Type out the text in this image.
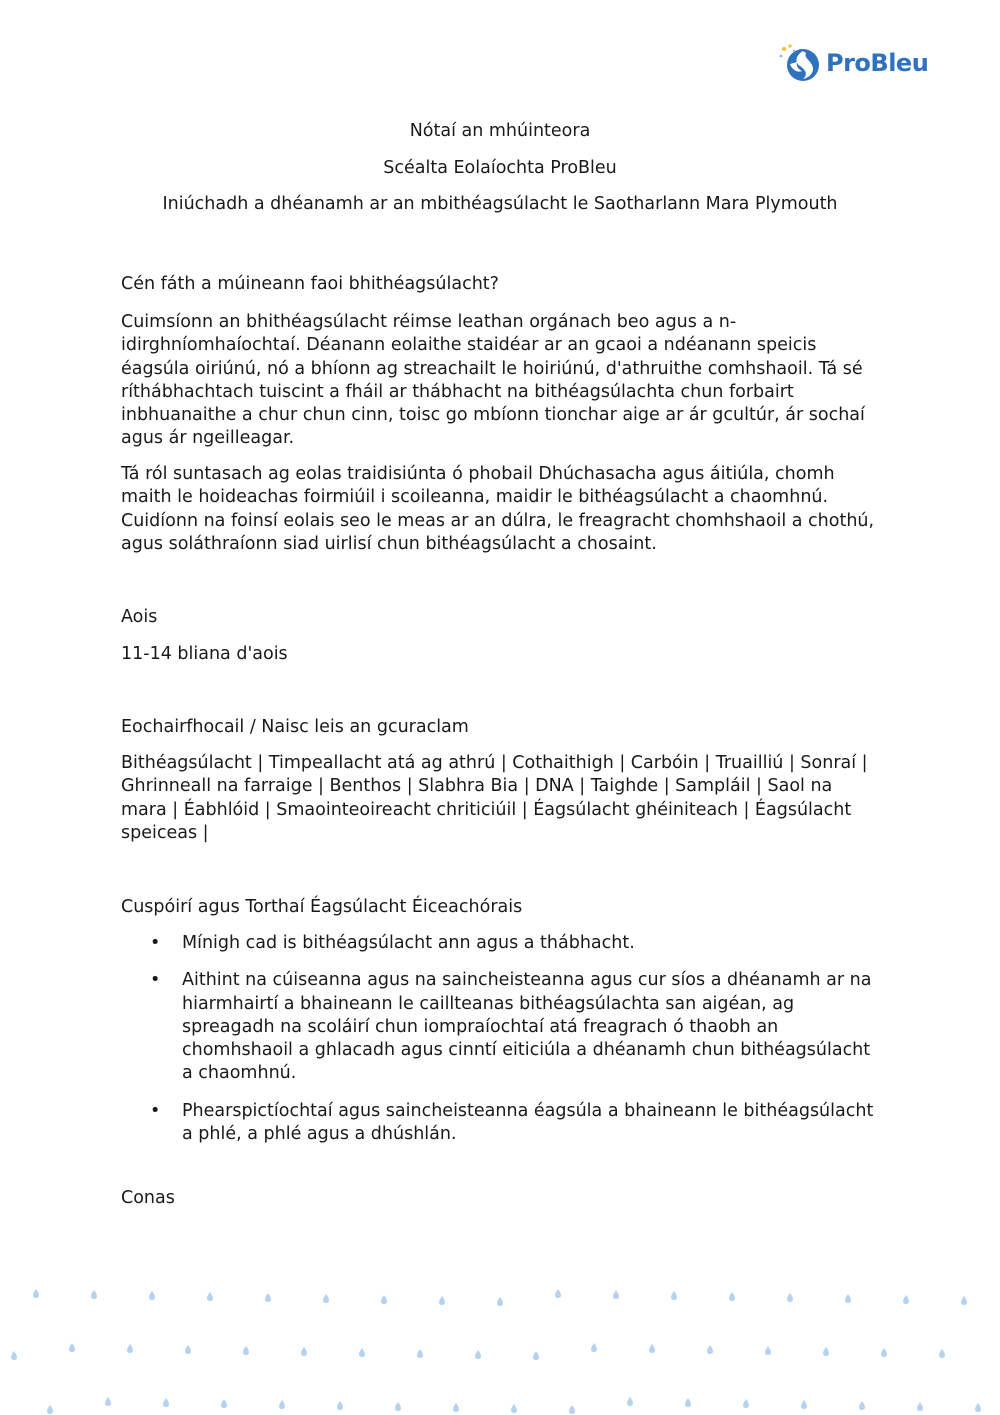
ProBleu
Nótaí an mhúinteora
Scéalta Eolaíochta ProBleu
Iniúchadh a dhéanamh ar an mbithéagsúlacht le Saotharlann Mara Plymouth
Cén fáth a múineann faoi bhithéagsúlacht?
Cuimsíonn an bhithéagsúlacht réimse leathan orgánach beo agus a n-idirghníomhaíochtaí. Déanann eolaithe staidéar ar an gcaoi a ndéanann speicis éagsúla oiriúnú, nó a bhíonn ag streachailt le hoiriúnú, d'athruithe comhshaoil. Tá sé ríthábhachtach tuiscint a fháil ar thábhacht na bithéagsúlachta chun forbairt inbhuanaithe a chur chun cinn, toisc go mbíonn tionchar aige ar ár gcultúr, ár sochaí agus ár ngeilleagar.
Tá ról suntasach ag eolas traidisiúnta ó phobail Dhúchasacha agus áitiúla, chomh maith le hoideachas foirmiúil i scoileanna, maidir le bithéagsúlacht a chaomhnú. Cuidíonn na foinsí eolais seo le meas ar an dúlra, le freagracht chomhshaoil a chothú, agus soláthraíonn siad uirlisí chun bithéagsúlacht a chosaint.
Aois
11-14 bliana d'aois
Eochairfhocail / Naisc leis an gcuraclam
Bithéagsúlacht | Timpeallacht atá ag athrú | Cothaithigh | Carbóin | Truailliú | Sonraí | Ghrinneall na farraige | Benthos | Slabhra Bia | DNA | Taighde | Sampláil | Saol na mara | Éabhlóid | Smaointeoireacht chriticiúil | Éagsúlacht ghéiniteach | Éagsúlacht speiceas |
Cuspóirí agus Torthaí Éagsúlacht Éiceachórais
• Mínigh cad is bithéagsúlacht ann agus a thábhacht.
• Aithint na cúiseanna agus na saincheisteanna agus cur síos a dhéanamh ar na hiarmhairtí a bhaineann le caillteanas bithéagsúlachta san aigéan, ag spreagadh na scoláirí chun iompraíochtaí atá freagrach ó thaobh an chomhshaoil a ghlacadh agus cinntí eiticiúla a dhéanamh chun bithéagsúlacht a chaomhnú.
• Phearspictíochtaí agus saincheisteanna éagsúla a bhaineann le bithéagsúlacht a phlé, a phlé agus a dhúshlán.
Conas
